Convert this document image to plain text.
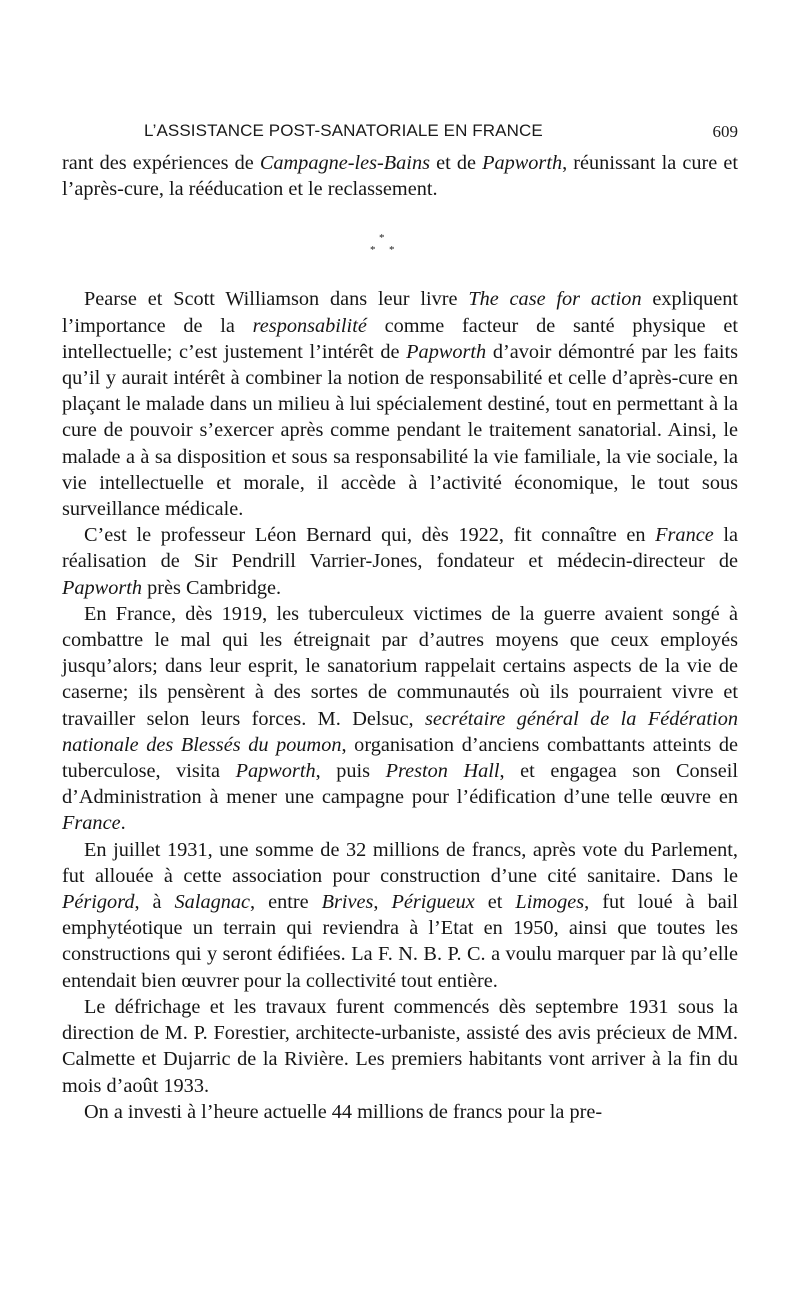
L’ASSISTANCE POST-SANATORIALE EN FRANCE	609

rant des expériences de Campagne-les-Bains et de Papworth, réunissant la cure et l’après-cure, la rééducation et le reclassement.

*
* *

Pearse et Scott Williamson dans leur livre The case for action expliquent l’importance de la responsabilité comme facteur de santé physique et intellectuelle; c’est justement l’intérêt de Papworth d’avoir démontré par les faits qu’il y aurait intérêt à combiner la notion de responsabilité et celle d’après-cure en plaçant le malade dans un milieu à lui spécialement destiné, tout en permettant à la cure de pouvoir s’exercer après comme pendant le traitement sanatorial. Ainsi, le malade a à sa disposition et sous sa responsabilité la vie familiale, la vie sociale, la vie intellectuelle et morale, il accède à l’activité économique, le tout sous surveillance médicale.

C’est le professeur Léon Bernard qui, dès 1922, fit connaître en France la réalisation de Sir Pendrill Varrier-Jones, fondateur et médecin-directeur de Papworth près Cambridge.

En France, dès 1919, les tuberculeux victimes de la guerre avaient songé à combattre le mal qui les étreignait par d’autres moyens que ceux employés jusqu’alors; dans leur esprit, le sanatorium rappelait certains aspects de la vie de caserne; ils pensèrent à des sortes de communautés où ils pourraient vivre et travailler selon leurs forces. M. Delsuc, secrétaire général de la Fédération nationale des Blessés du poumon, organisation d’anciens combattants atteints de tuberculose, visita Papworth, puis Preston Hall, et engagea son Conseil d’Administration à mener une campagne pour l’édification d’une telle œuvre en France.

En juillet 1931, une somme de 32 millions de francs, après vote du Parlement, fut allouée à cette association pour construction d’une cité sanitaire. Dans le Périgord, à Salagnac, entre Brives, Périgueux et Limoges, fut loué à bail emphytéotique un terrain qui reviendra à l’Etat en 1950, ainsi que toutes les constructions qui y seront édifiées. La F. N. B. P. C. a voulu marquer par là qu’elle entendait bien œuvrer pour la collectivité tout entière.

Le défrichage et les travaux furent commencés dès septembre 1931 sous la direction de M. P. Forestier, architecte-urbaniste, assisté des avis précieux de MM. Calmette et Dujarric de la Rivière. Les premiers habitants vont arriver à la fin du mois d’août 1933.

On a investi à l’heure actuelle 44 millions de francs pour la pre-
